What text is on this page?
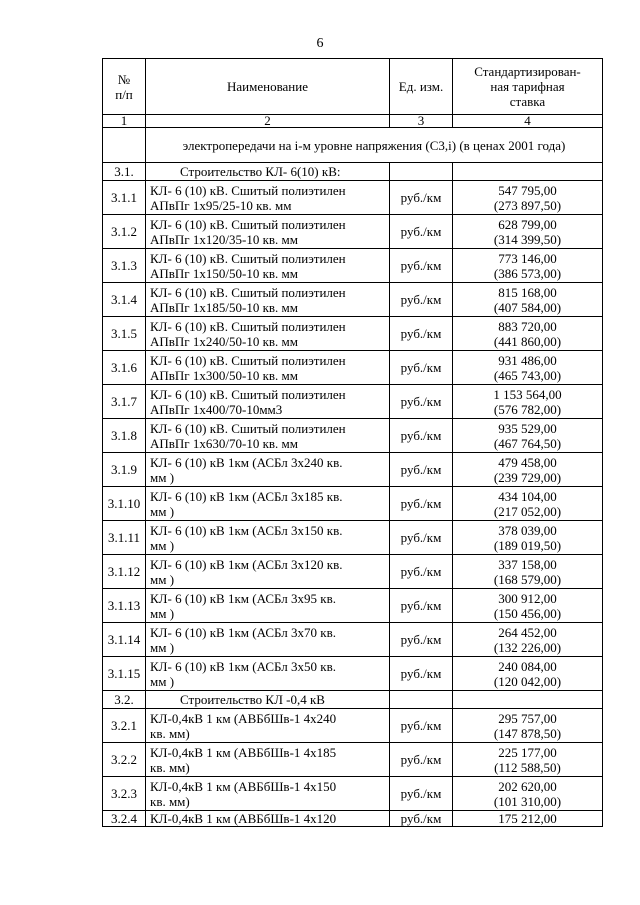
6
№
п/п	Наименование	Ед. изм.	Стандартизирован-
ная тарифная
ставка
1	2	3	4
	электропередачи на i-м уровне напряжения (С3,i) (в ценах 2001 года)		
3.1.	Строительство КЛ- 6(10) кВ:		
3.1.1	КЛ- 6 (10) кВ. Сшитый полиэтилен
АПвПг 1x95/25-10 кв. мм	руб./км	547 795,00
(273 897,50)
3.1.2	КЛ- 6 (10) кВ. Сшитый полиэтилен
АПвПг 1x120/35-10 кв. мм	руб./км	628 799,00
(314 399,50)
3.1.3	КЛ- 6 (10) кВ. Сшитый полиэтилен
АПвПг 1x150/50-10 кв. мм	руб./км	773 146,00
(386 573,00)
3.1.4	КЛ- 6 (10) кВ. Сшитый полиэтилен
АПвПг 1x185/50-10 кв. мм	руб./км	815 168,00
(407 584,00)
3.1.5	КЛ- 6 (10) кВ. Сшитый полиэтилен
АПвПг 1x240/50-10 кв. мм	руб./км	883 720,00
(441 860,00)
3.1.6	КЛ- 6 (10) кВ. Сшитый полиэтилен
АПвПг 1x300/50-10 кв. мм	руб./км	931 486,00
(465 743,00)
3.1.7	КЛ- 6 (10) кВ. Сшитый полиэтилен
АПвПг 1x400/70-10мм3	руб./км	1 153 564,00
(576 782,00)
3.1.8	КЛ- 6 (10) кВ. Сшитый полиэтилен
АПвПг 1x630/70-10 кв. мм	руб./км	935 529,00
(467 764,50)
3.1.9	КЛ- 6 (10) кВ 1км (АСБл 3x240 кв.
мм )	руб./км	479 458,00
(239 729,00)
3.1.10	КЛ- 6 (10) кВ 1км (АСБл 3x185 кв.
мм )	руб./км	434 104,00
(217 052,00)
3.1.11	КЛ- 6 (10) кВ 1км (АСБл 3x150 кв.
мм )	руб./км	378 039,00
(189 019,50)
3.1.12	КЛ- 6 (10) кВ 1км (АСБл 3x120 кв.
мм )	руб./км	337 158,00
(168 579,00)
3.1.13	КЛ- 6 (10) кВ 1км (АСБл 3x95 кв.
мм )	руб./км	300 912,00
(150 456,00)
3.1.14	КЛ- 6 (10) кВ 1км (АСБл 3x70 кв.
мм )	руб./км	264 452,00
(132 226,00)
3.1.15	КЛ- 6 (10) кВ 1км (АСБл 3x50 кв.
мм )	руб./км	240 084,00
(120 042,00)
3.2.	Строительство КЛ -0,4 кВ		
3.2.1	КЛ-0,4кВ 1 км (АВБбШв-1 4x240
кв. мм)	руб./км	295 757,00
(147 878,50)
3.2.2	КЛ-0,4кВ 1 км (АВБбШв-1 4x185
кв. мм)	руб./км	225 177,00
(112 588,50)
3.2.3	КЛ-0,4кВ 1 км (АВБбШв-1 4x150
кв. мм)	руб./км	202 620,00
(101 310,00)
3.2.4	КЛ-0,4кВ 1 км (АВБбШв-1 4x120	руб./км	175 212,00
